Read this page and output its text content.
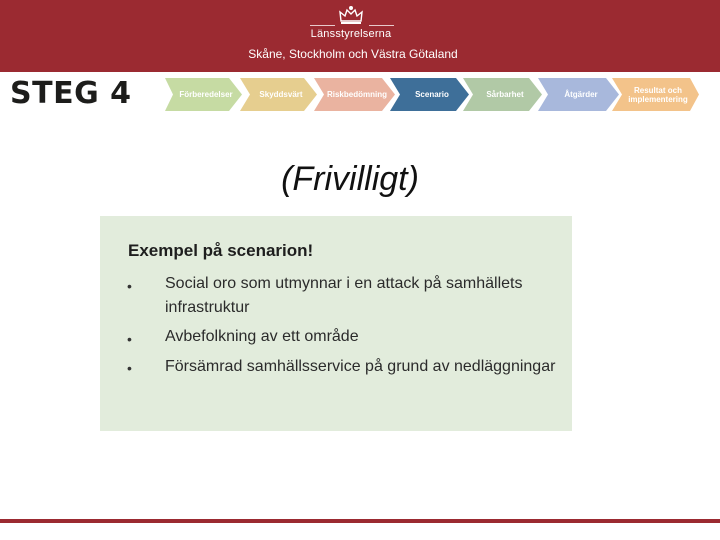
Länsstyrelserna
Skåne, Stockholm och Västra Götaland
STEG 4	Förberedelser	Skyddsvärt	Riskbedömning	Scenario	Sårbarhet	Åtgärder	Resultat och implementering
(Frivilligt)
Exempel på scenarion!
• Social oro som utmynnar i en attack på samhällets infrastruktur
• Avbefolkning av ett område
• Försämrad samhällsservice på grund av nedläggningar
